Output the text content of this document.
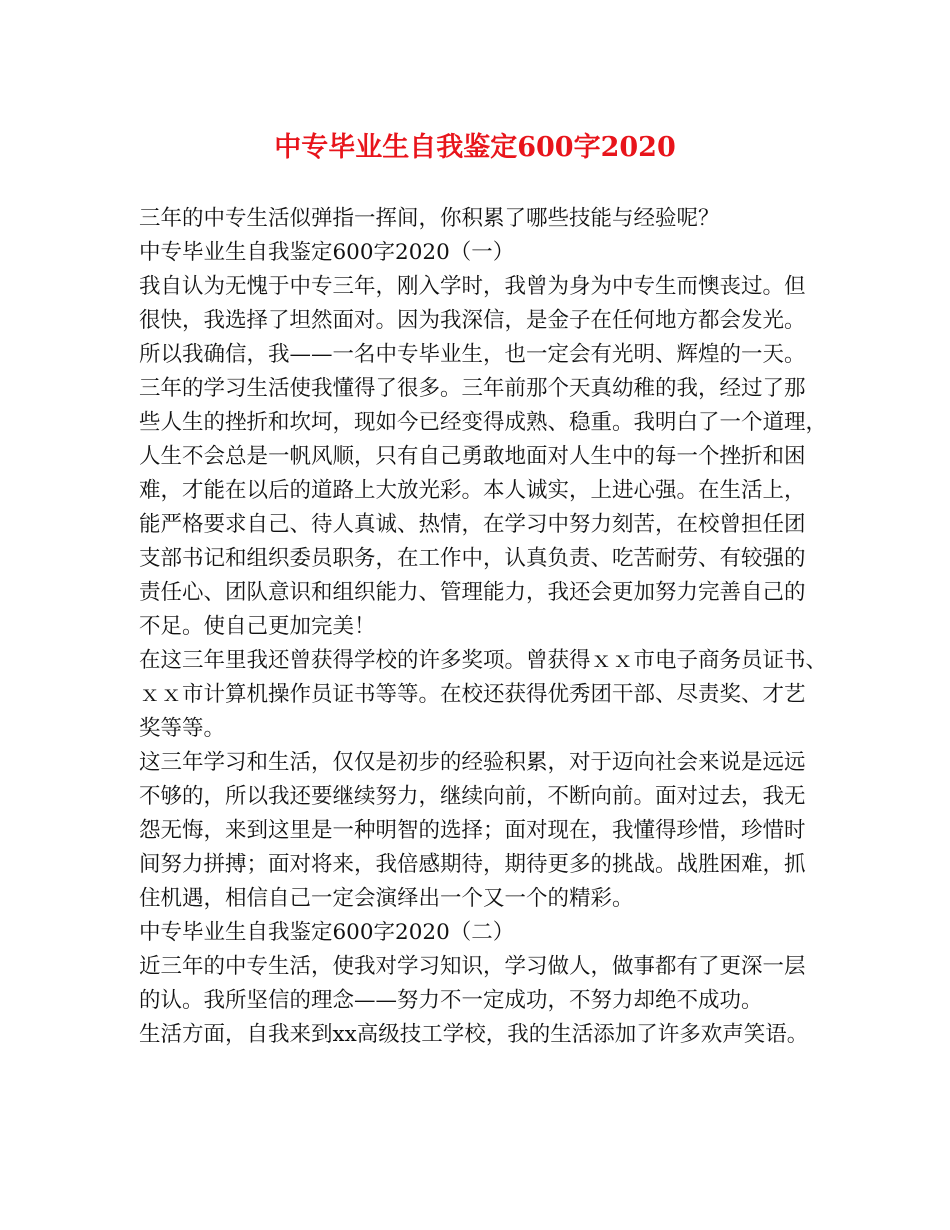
中专毕业生自我鉴定600字2020
三年的中专生活似弹指一挥间，你积累了哪些技能与经验呢？
中专毕业生自我鉴定600字2020（一）
我自认为无愧于中专三年，刚入学时，我曾为身为中专生而懊丧过。但
很快，我选择了坦然面对。因为我深信，是金子在任何地方都会发光。
所以我确信，我——一名中专毕业生，也一定会有光明、辉煌的一天。
三年的学习生活使我懂得了很多。三年前那个天真幼稚的我，经过了那
些人生的挫折和坎坷，现如今已经变得成熟、稳重。我明白了一个道理，
人生不会总是一帆风顺，只有自己勇敢地面对人生中的每一个挫折和困
难，才能在以后的道路上大放光彩。本人诚实，上进心强。在生活上，
能严格要求自己、待人真诚、热情，在学习中努力刻苦，在校曾担任团
支部书记和组织委员职务，在工作中，认真负责、吃苦耐劳、有较强的
责任心、团队意识和组织能力、管理能力，我还会更加努力完善自己的
不足。使自己更加完美！
在这三年里我还曾获得学校的许多奖项。曾获得ｘｘ市电子商务员证书、
ｘｘ市计算机操作员证书等等。在校还获得优秀团干部、尽责奖、才艺
奖等等。
这三年学习和生活，仅仅是初步的经验积累，对于迈向社会来说是远远
不够的，所以我还要继续努力，继续向前，不断向前。面对过去，我无
怨无悔，来到这里是一种明智的选择；面对现在，我懂得珍惜，珍惜时
间努力拼搏；面对将来，我倍感期待，期待更多的挑战。战胜困难，抓
住机遇，相信自己一定会演绎出一个又一个的精彩。
中专毕业生自我鉴定600字2020（二）
近三年的中专生活，使我对学习知识，学习做人，做事都有了更深一层
的认。我所坚信的理念——努力不一定成功，不努力却绝不成功。
生活方面，自我来到xx高级技工学校，我的生活添加了许多欢声笑语。
